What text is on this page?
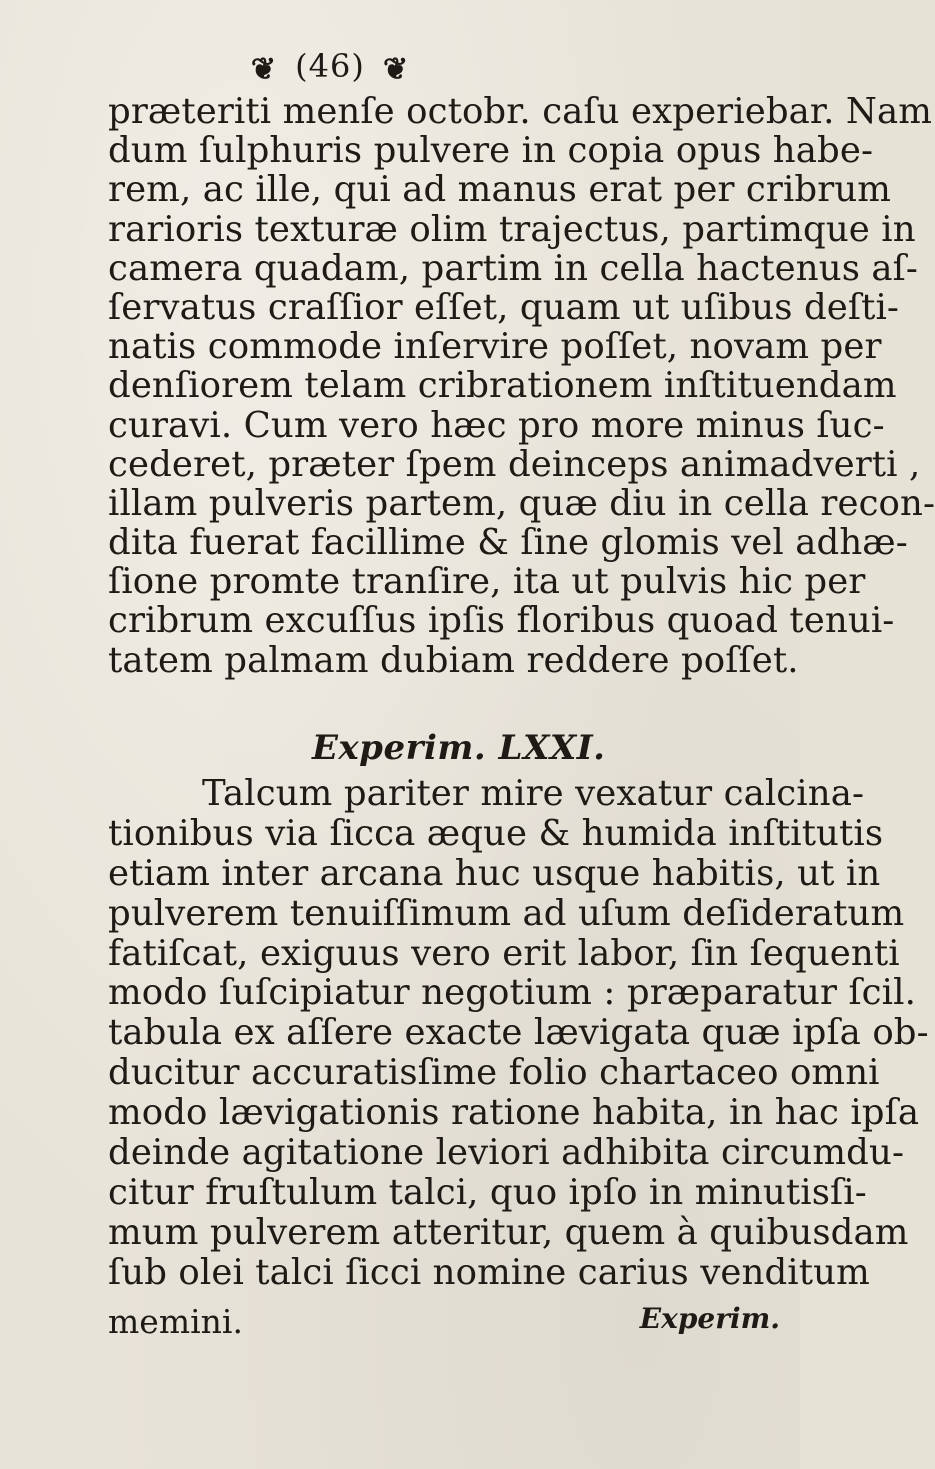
❦ (46) ❦
præteriti menſe octobr. caſu experiebar. Nam
dum ſulphuris pulvere in copia opus habe-
rem, ac ille, qui ad manus erat per cribrum
rarioris texturæ olim trajectus, partimque in
camera quadam, partim in cella hactenus aſ-
ſervatus craſſior eſſet, quam ut uſibus deſti-
natis commode inſervire poſſet, novam per
denſiorem telam cribrationem inſtituendam
curavi. Cum vero hæc pro more minus ſuc-
cederet, præter ſpem deinceps animadverti ,
illam pulveris partem, quæ diu in cella recon-
dita fuerat facillime & ſine glomis vel adhæ-
ſione promte tranſire, ita ut pulvis hic per
cribrum excuſſus ipſis floribus quoad tenui-
tatem palmam dubiam reddere poſſet.
Experim. LXXI.
Talcum pariter mire vexatur calcina-
tionibus via ſicca æque & humida inſtitutis
etiam inter arcana huc usque habitis, ut in
pulverem tenuiſſimum ad uſum deſideratum
fatiſcat, exiguus vero erit labor, ſin ſequenti
modo ſuſcipiatur negotium : præparatur ſcil.
tabula ex aſſere exacte lævigata quæ ipſa ob-
ducitur accuratisſime folio chartaceo omni
modo lævigationis ratione habita, in hac ipſa
deinde agitatione leviori adhibita circumdu-
citur fruſtulum talci, quo ipſo in minutisſi-
mum pulverem atteritur, quem à quibusdam
ſub olei talci ſicci nomine carius venditum
memini.	Experim.
